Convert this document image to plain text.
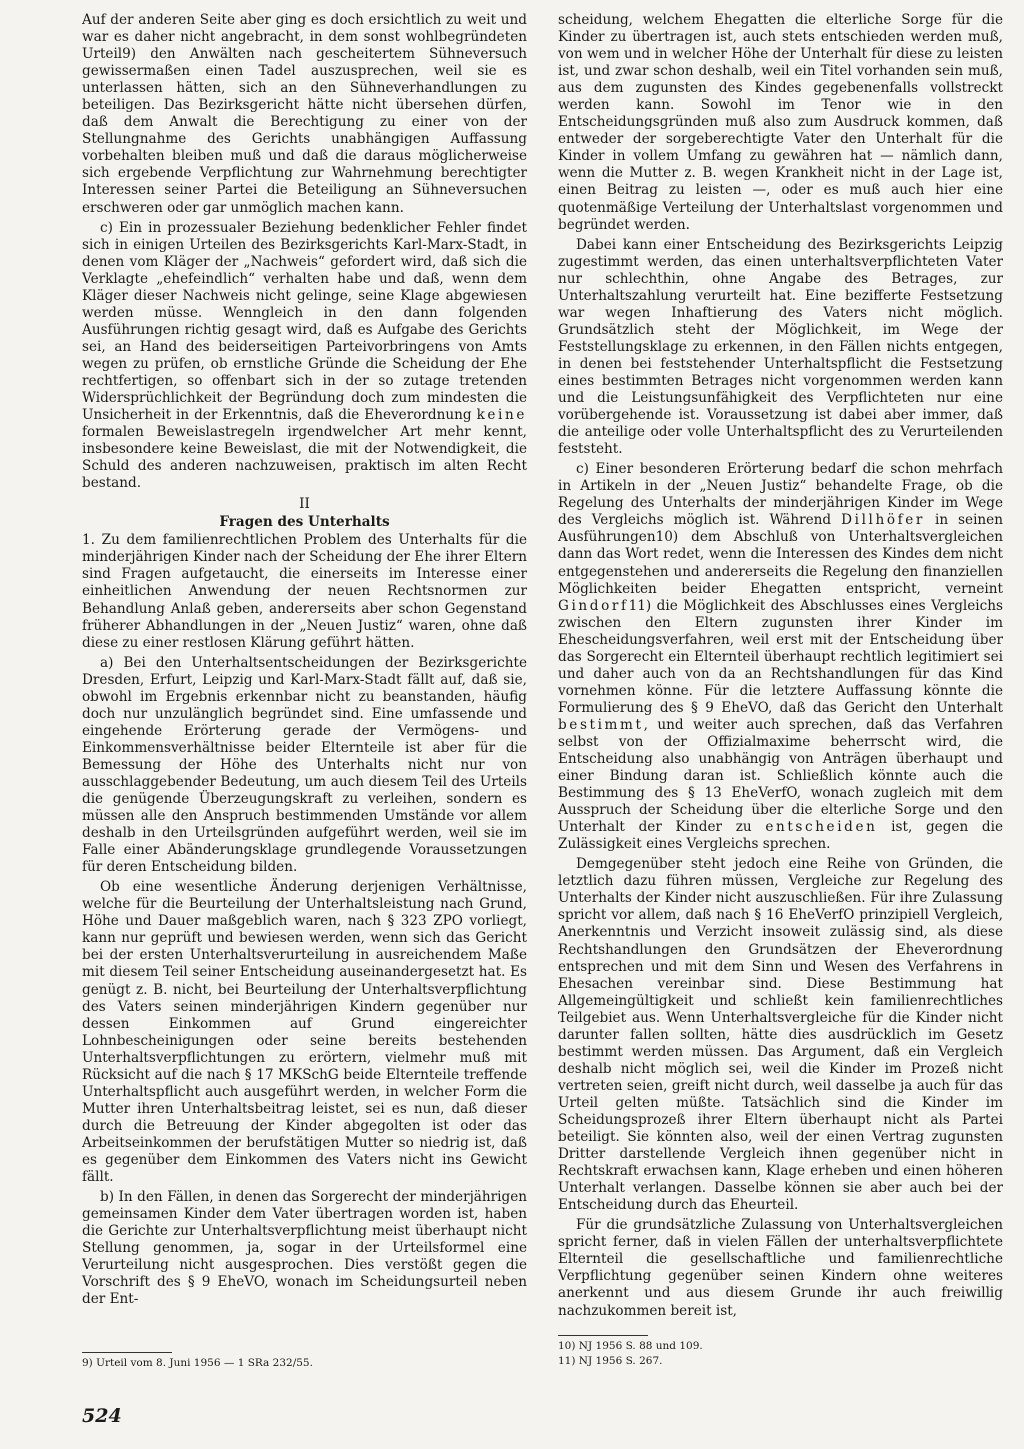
Auf der anderen Seite aber ging es doch ersichtlich zu weit und war es daher nicht angebracht, in dem sonst wohlbegründeten Urteil9) den Anwälten nach gescheitertem Sühneversuch gewissermaßen einen Tadel auszusprechen, weil sie es unterlassen hätten, sich an den Sühneverhandlungen zu beteiligen. Das Bezirksgericht hätte nicht übersehen dürfen, daß dem Anwalt die Berechtigung zu einer von der Stellungnahme des Gerichts unabhängigen Auffassung vorbehalten bleiben muß und daß die daraus möglicherweise sich ergebende Verpflichtung zur Wahrnehmung berechtigter Interessen seiner Partei die Beteiligung an Sühneversuchen erschweren oder gar unmöglich machen kann.

c) Ein in prozessualer Beziehung bedenklicher Fehler findet sich in einigen Urteilen des Bezirksgerichts Karl-Marx-Stadt, in denen vom Kläger der „Nachweis“ gefordert wird, daß sich die Verklagte „ehefeindlich“ verhalten habe und daß, wenn dem Kläger dieser Nachweis nicht gelinge, seine Klage abgewiesen werden müsse. Wenngleich in den dann folgenden Ausführungen richtig gesagt wird, daß es Aufgabe des Gerichts sei, an Hand des beiderseitigen Parteivorbringens von Amts wegen zu prüfen, ob ernstliche Gründe die Scheidung der Ehe rechtfertigen, so offenbart sich in der so zutage tretenden Widersprüchlichkeit der Begründung doch zum mindesten die Unsicherheit in der Erkenntnis, daß die Eheverordnung keine formalen Beweislastregeln irgendwelcher Art mehr kennt, insbesondere keine Beweislast, die mit der Notwendigkeit, die Schuld des anderen nachzuweisen, praktisch im alten Recht bestand.

II
Fragen des Unterhalts

1. Zu dem familienrechtlichen Problem des Unterhalts für die minderjährigen Kinder nach der Scheidung der Ehe ihrer Eltern sind Fragen aufgetaucht, die einerseits im Interesse einer einheitlichen Anwendung der neuen Rechtsnormen zur Behandlung Anlaß geben, andererseits aber schon Gegenstand früherer Abhandlungen in der „Neuen Justiz“ waren, ohne daß diese zu einer restlosen Klärung geführt hätten.

a) Bei den Unterhaltsentscheidungen der Bezirksgerichte Dresden, Erfurt, Leipzig und Karl-Marx-Stadt fällt auf, daß sie, obwohl im Ergebnis erkennbar nicht zu beanstanden, häufig doch nur unzulänglich begründet sind. Eine umfassende und eingehende Erörterung gerade der Vermögens- und Einkommensverhältnisse beider Elternteile ist aber für die Bemessung der Höhe des Unterhalts nicht nur von ausschlaggebender Bedeutung, um auch diesem Teil des Urteils die genügende Überzeugungskraft zu verleihen, sondern es müssen alle den Anspruch bestimmenden Umstände vor allem deshalb in den Urteilsgründen aufgeführt werden, weil sie im Falle einer Abänderungsklage grundlegende Voraussetzungen für deren Entscheidung bilden.

Ob eine wesentliche Änderung derjenigen Verhältnisse, welche für die Beurteilung der Unterhaltsleistung nach Grund, Höhe und Dauer maßgeblich waren, nach § 323 ZPO vorliegt, kann nur geprüft und bewiesen werden, wenn sich das Gericht bei der ersten Unterhaltsverurteilung in ausreichendem Maße mit diesem Teil seiner Entscheidung auseinandergesetzt hat. Es genügt z. B. nicht, bei Beurteilung der Unterhaltsverpflichtung des Vaters seinen minderjährigen Kindern gegenüber nur dessen Einkommen auf Grund eingereichter Lohnbescheinigungen oder seine bereits bestehenden Unterhaltsverpflichtungen zu erörtern, vielmehr muß mit Rücksicht auf die nach § 17 MKSchG beide Elternteile treffende Unterhaltspflicht auch ausgeführt werden, in welcher Form die Mutter ihren Unterhaltsbeitrag leistet, sei es nun, daß dieser durch die Betreuung der Kinder abgegolten ist oder das Arbeitseinkommen der berufstätigen Mutter so niedrig ist, daß es gegenüber dem Einkommen des Vaters nicht ins Gewicht fällt.

b) In den Fällen, in denen das Sorgerecht der minderjährigen gemeinsamen Kinder dem Vater übertragen worden ist, haben die Gerichte zur Unterhaltsverpflichtung meist überhaupt nicht Stellung genommen, ja, sogar in der Urteilsformel eine Verurteilung nicht ausgesprochen. Dies verstößt gegen die Vorschrift des § 9 EheVO, wonach im Scheidungsurteil neben der Ent-

scheidung, welchem Ehegatten die elterliche Sorge für die Kinder zu übertragen ist, auch stets entschieden werden muß, von wem und in welcher Höhe der Unterhalt für diese zu leisten ist, und zwar schon deshalb, weil ein Titel vorhanden sein muß, aus dem zugunsten des Kindes gegebenenfalls vollstreckt werden kann. Sowohl im Tenor wie in den Entscheidungsgründen muß also zum Ausdruck kommen, daß entweder der sorgeberechtigte Vater den Unterhalt für die Kinder in vollem Umfang zu gewähren hat — nämlich dann, wenn die Mutter z. B. wegen Krankheit nicht in der Lage ist, einen Beitrag zu leisten —, oder es muß auch hier eine quotenmäßige Verteilung der Unterhaltslast vorgenommen und begründet werden.

Dabei kann einer Entscheidung des Bezirksgerichts Leipzig zugestimmt werden, das einen unterhaltsverpflichteten Vater nur schlechthin, ohne Angabe des Betrages, zur Unterhaltszahlung verurteilt hat. Eine bezifferte Festsetzung war wegen Inhaftierung des Vaters nicht möglich. Grundsätzlich steht der Möglichkeit, im Wege der Feststellungsklage zu erkennen, in den Fällen nichts entgegen, in denen bei feststehender Unterhaltspflicht die Festsetzung eines bestimmten Betrages nicht vorgenommen werden kann und die Leistungsunfähigkeit des Verpflichteten nur eine vorübergehende ist. Voraussetzung ist dabei aber immer, daß die anteilige oder volle Unterhaltspflicht des zu Verurteilenden feststeht.

c) Einer besonderen Erörterung bedarf die schon mehrfach in Artikeln in der „Neuen Justiz“ behandelte Frage, ob die Regelung des Unterhalts der minderjährigen Kinder im Wege des Vergleichs möglich ist. Während Dillhöfer in seinen Ausführungen10) dem Abschluß von Unterhaltsvergleichen dann das Wort redet, wenn die Interessen des Kindes dem nicht entgegenstehen und andererseits die Regelung den finanziellen Möglichkeiten beider Ehegatten entspricht, verneint Gindorf11) die Möglichkeit des Abschlusses eines Vergleichs zwischen den Eltern zugunsten ihrer Kinder im Ehescheidungsverfahren, weil erst mit der Entscheidung über das Sorgerecht ein Elternteil überhaupt rechtlich legitimiert sei und daher auch von da an Rechtshandlungen für das Kind vornehmen könne. Für die letztere Auffassung könnte die Formulierung des § 9 EheVO, daß das Gericht den Unterhalt bestimmt, und weiter auch sprechen, daß das Verfahren selbst von der Offizialmaxime beherrscht wird, die Entscheidung also unabhängig von Anträgen überhaupt und einer Bindung daran ist. Schließlich könnte auch die Bestimmung des § 13 EheVerfO, wonach zugleich mit dem Ausspruch der Scheidung über die elterliche Sorge und den Unterhalt der Kinder zu entscheiden ist, gegen die Zulässigkeit eines Vergleichs sprechen.

Demgegenüber steht jedoch eine Reihe von Gründen, die letztlich dazu führen müssen, Vergleiche zur Regelung des Unterhalts der Kinder nicht auszuschließen. Für ihre Zulassung spricht vor allem, daß nach § 16 EheVerfO prinzipiell Vergleich, Anerkenntnis und Verzicht insoweit zulässig sind, als diese Rechtshandlungen den Grundsätzen der Eheverordnung entsprechen und mit dem Sinn und Wesen des Verfahrens in Ehesachen vereinbar sind. Diese Bestimmung hat Allgemeingültigkeit und schließt kein familienrechtliches Teilgebiet aus. Wenn Unterhaltsvergleiche für die Kinder nicht darunter fallen sollten, hätte dies ausdrücklich im Gesetz bestimmt werden müssen. Das Argument, daß ein Vergleich deshalb nicht möglich sei, weil die Kinder im Prozeß nicht vertreten seien, greift nicht durch, weil dasselbe ja auch für das Urteil gelten müßte. Tatsächlich sind die Kinder im Scheidungsprozeß ihrer Eltern überhaupt nicht als Partei beteiligt. Sie könnten also, weil der einen Vertrag zugunsten Dritter darstellende Vergleich ihnen gegenüber nicht in Rechtskraft erwachsen kann, Klage erheben und einen höheren Unterhalt verlangen. Dasselbe können sie aber auch bei der Entscheidung durch das Eheurteil.

Für die grundsätzliche Zulassung von Unterhaltsvergleichen spricht ferner, daß in vielen Fällen der unterhaltsverpflichtete Elternteil die gesellschaftliche und familienrechtliche Verpflichtung gegenüber seinen Kindern ohne weiteres anerkennt und aus diesem Grunde ihr auch freiwillig nachzukommen bereit ist,

9) Urteil vom 8. Juni 1956 — 1 SRa 232/55.
10) NJ 1956 S. 88 und 109.
11) NJ 1956 S. 267.
524
